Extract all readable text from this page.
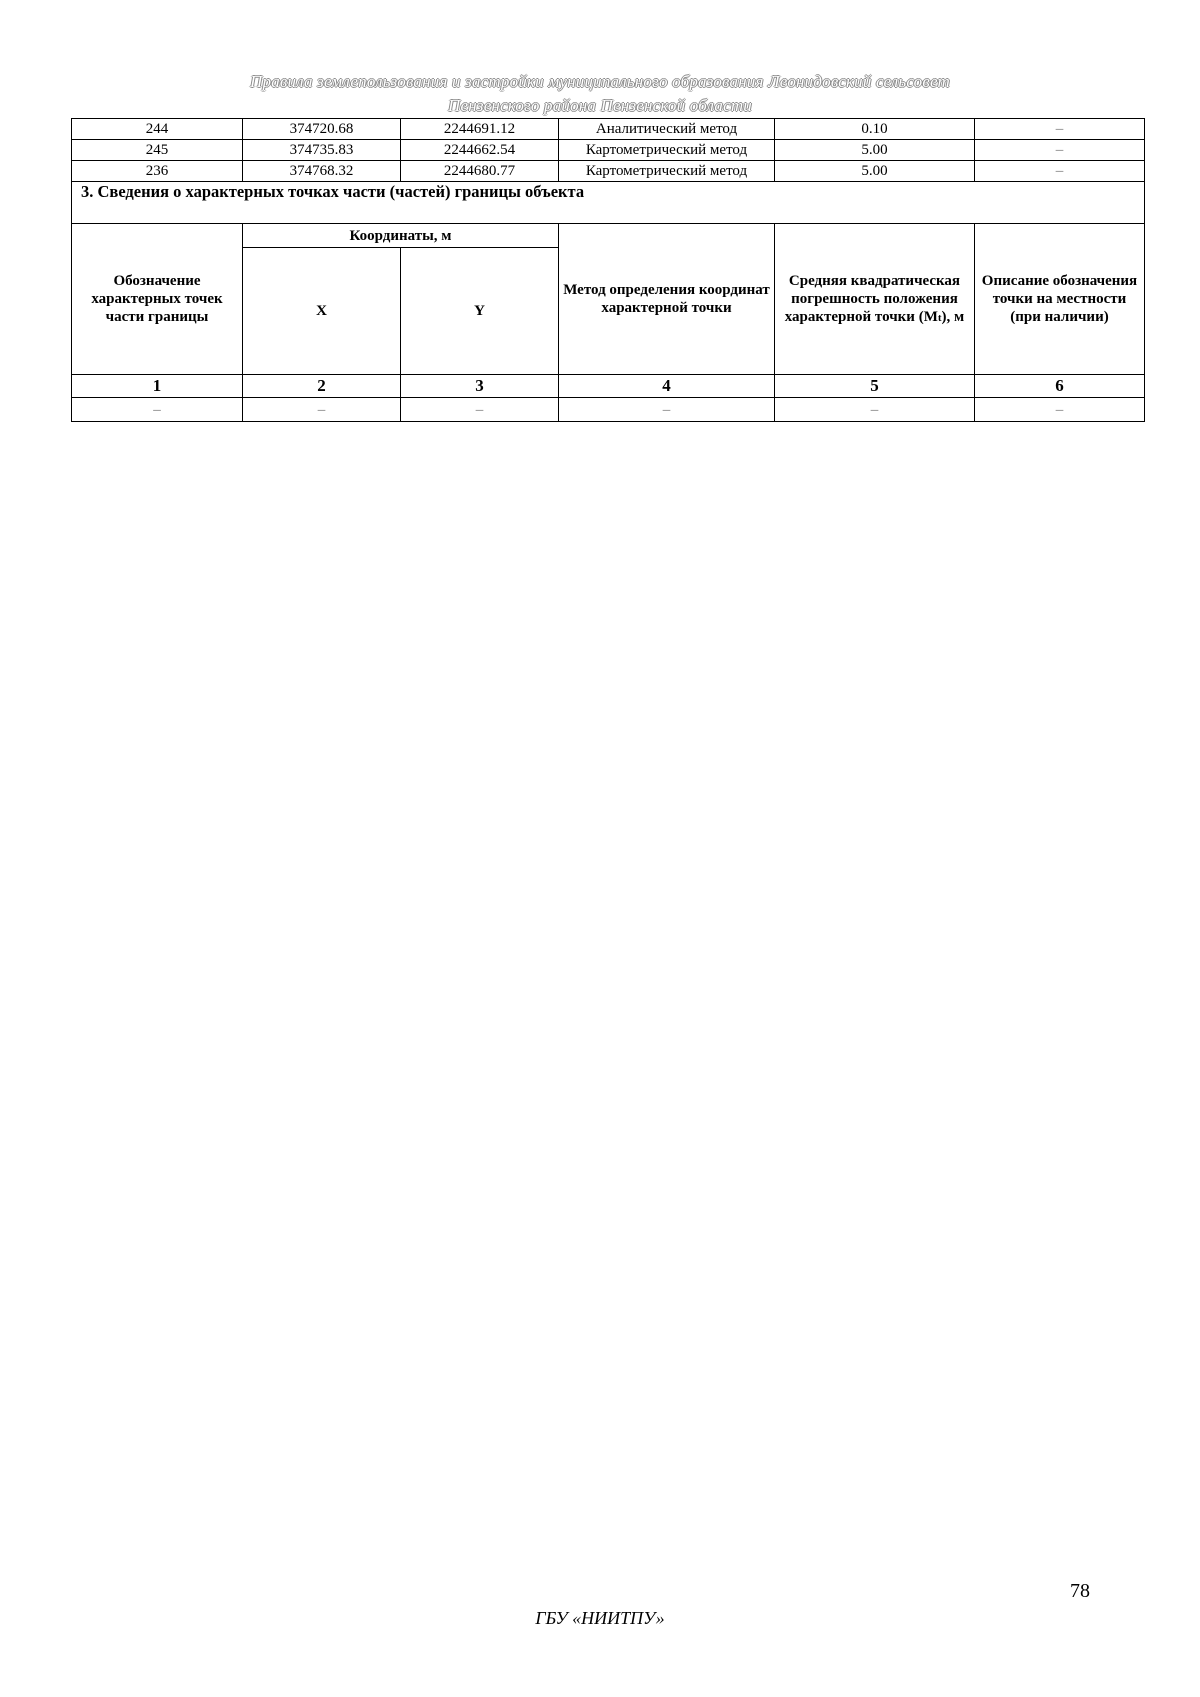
Правила землепользования и застройки муниципального образования Леонидовский сельсовет
Пензенского района Пензенской области
244	374720.68	2244691.12	Аналитический метод	0.10	–
245	374735.83	2244662.54	Картометрический метод	5.00	–
236	374768.32	2244680.77	Картометрический метод	5.00	–
3. Сведения о характерных точках части (частей) границы объекта					
Обозначение характерных точек части границы	Координаты, м		Метод определения координат характерной точки	Средняя квадратическая погрешность положения характерной точки (Mt), м	Описание обозначения точки на местности (при наличии)
	X	Y			
1	2	3	4	5	6
–	–	–	–	–	–
78
ГБУ «НИИТПУ»
